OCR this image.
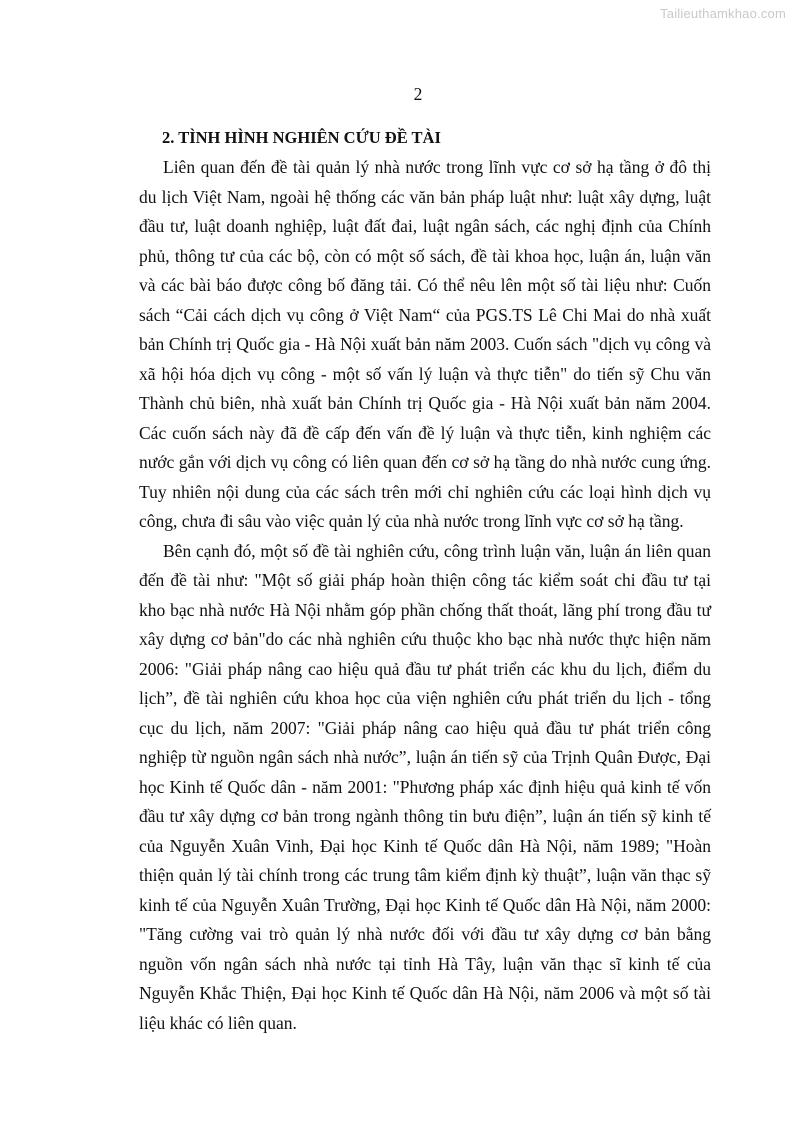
Tailieuthamkhao.com
2
2. TÌNH HÌNH NGHIÊN CỨU ĐỀ TÀI

Liên quan đến đề tài quản lý nhà nước trong lĩnh vực cơ sở hạ tầng ở đô thị du lịch Việt Nam, ngoài hệ thống các văn bản pháp luật như: luật xây dựng, luật đầu tư, luật doanh nghiệp, luật đất đai, luật ngân sách, các nghị định của Chính phủ, thông tư của các bộ, còn có một số sách, đề tài khoa học, luận án, luận văn và các bài báo được công bố đăng tải. Có thể nêu lên một số tài liệu như: Cuốn sách “Cải cách dịch vụ công ở Việt Nam“ của PGS.TS Lê Chi Mai do nhà xuất bản Chính trị Quốc gia - Hà Nội xuất bản năm 2003. Cuốn sách "dịch vụ công và xã hội hóa dịch vụ công - một số vấn lý luận và thực tiễn" do tiến sỹ Chu văn Thành chủ biên, nhà xuất bản Chính trị Quốc gia - Hà Nội xuất bản năm 2004. Các cuốn sách này đã đề cấp đến vấn đề lý luận và thực tiễn, kinh nghiệm các nước gắn với dịch vụ công có liên quan đến cơ sở hạ tầng do nhà nước cung ứng. Tuy nhiên nội dung của các sách trên mới chỉ nghiên cứu các loại hình dịch vụ công, chưa đi sâu vào việc quản lý của nhà nước trong lĩnh vực cơ sở hạ tầng.

Bên cạnh đó, một số đề tài nghiên cứu, công trình luận văn, luận án liên quan đến đề tài như: "Một số giải pháp hoàn thiện công tác kiểm soát chi đầu tư tại kho bạc nhà nước Hà Nội nhằm góp phần chống thất thoát, lãng phí trong đầu tư xây dựng cơ bản"do các nhà nghiên cứu thuộc kho bạc nhà nước thực hiện năm 2006: "Giải pháp nâng cao hiệu quả đầu tư phát triển các khu du lịch, điểm du lịch”, đề tài nghiên cứu khoa học của viện nghiên cứu phát triển du lịch - tổng cục du lịch, năm 2007: "Giải pháp nâng cao hiệu quả đầu tư phát triển công nghiệp từ nguồn ngân sách nhà nước”, luận án tiến sỹ của Trịnh Quân Được, Đại học Kinh tế Quốc dân - năm 2001: "Phương pháp xác định hiệu quả kinh tế vốn đầu tư xây dựng cơ bản trong ngành thông tin bưu điện”, luận án tiến sỹ kinh tế của Nguyễn Xuân Vinh, Đại học Kinh tế Quốc dân Hà Nội, năm 1989; "Hoàn thiện quản lý tài chính trong các trung tâm kiểm định kỳ thuật”, luận văn thạc sỹ kinh tế của Nguyễn Xuân Trường, Đại học Kinh tế Quốc dân Hà Nội, năm 2000: "Tăng cường vai trò quản lý nhà nước đối với đầu tư xây dựng cơ bản bằng nguồn vốn ngân sách nhà nước tại tỉnh Hà Tây, luận văn thạc sĩ kinh tế của Nguyễn Khắc Thiện, Đại học Kinh tế Quốc dân Hà Nội, năm 2006 và một số tài liệu khác có liên quan.
